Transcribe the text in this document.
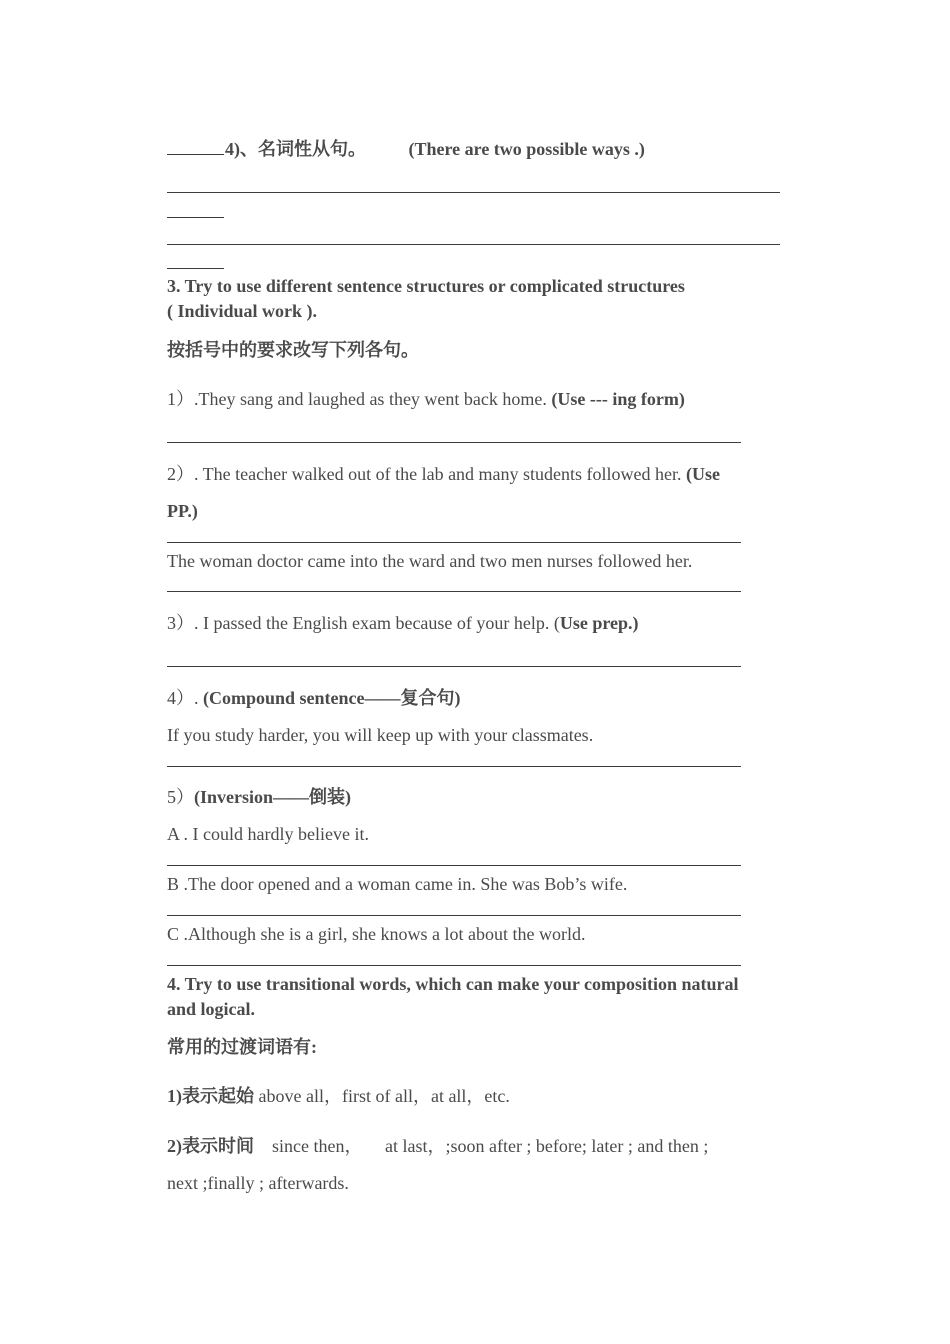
4)、名词性从句。 (There are two possible ways .)
3. Try to use different sentence structures or complicated structures
( Individual work ).
按括号中的要求改写下列各句。
1）.They sang and laughed as they went back home. (Use --- ing form)
2）. The teacher walked out of the lab and many students followed her. (Use
PP.)
The woman doctor came into the ward and two men nurses followed her.
3）. I passed the English exam because of your help. (Use prep.)
4）. (Compound sentence——复合句)
If you study harder, you will keep up with your classmates.
5）(Inversion——倒装)
A . I could hardly believe it.
B .The door opened and a woman came in. She was Bob’s wife.
C .Although she is a girl, she knows a lot about the world.
4. Try to use transitional words, which can make your composition natural
and logical.
常用的过渡词语有:
1)表示起始 above all，first of all，at all，etc.
2)表示时间    since then，     at last，;soon after ; before; later ; and then ;
next ;finally ; afterwards.
